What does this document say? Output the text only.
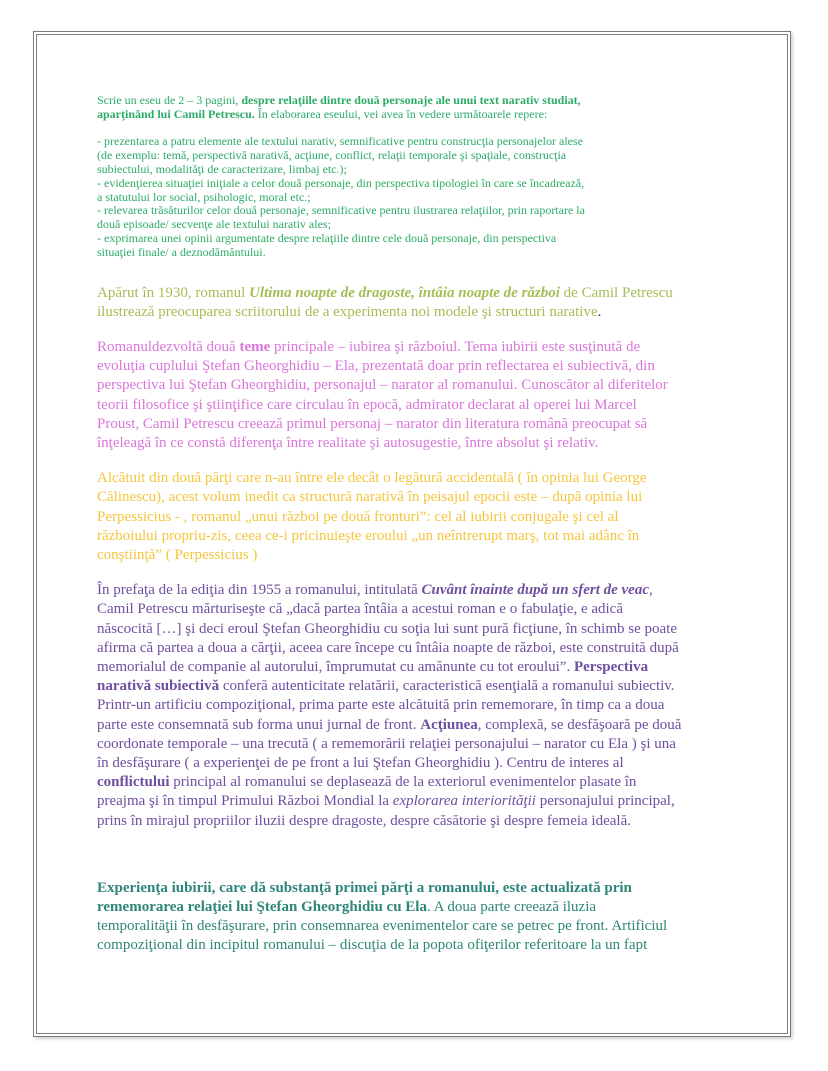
Scrie un eseu de 2 – 3 pagini, despre relaţiile dintre două personaje ale unui text narativ studiat,
aparţinând lui Camil Petrescu. În elaborarea eseului, vei avea în vedere următoarele repere:

- prezentarea a patru elemente ale textului narativ, semnificative pentru construcţia personajelor alese
(de exemplu: temă, perspectivă narativă, acţiune, conflict, relaţii temporale şi spaţiale, construcţia
subiectului, modalităţi de caracterizare, limbaj etc.);
- evidenţierea situaţiei iniţiale a celor două personaje, din perspectiva tipologiei în care se încadrează,
a statutului lor social, psihologic, moral etc.;
- relevarea trăsăturilor celor două personaje, semnificative pentru ilustrarea relaţiilor, prin raportare la
două episoade/ secvenţe ale textului narativ ales;
- exprimarea unei opinii argumentate despre relaţiile dintre cele două personaje, din perspectiva
situaţiei finale/ a deznodământului.
Apărut în 1930, romanul Ultima noapte de dragoste, întâia noapte de război de Camil Petrescu
ilustrează preocuparea scriitorului de a experimenta noi modele şi structuri narative.
Romanuldezvoltă două teme principale – iubirea şi războiul. Tema iubirii este susţinută de
evoluţia cuplului Ştefan Gheorghidiu – Ela, prezentată doar prin reflectarea ei subiectivă, din
perspectiva lui Ştefan Gheorghidiu, personajul – narator al romanului. Cunoscător al diferitelor
teorii filosofice şi ştiinţifice care circulau în epocă, admirator declarat al operei lui Marcel
Proust, Camil Petrescu creează primul personaj – narator din literatura română preocupat să
înţeleagă în ce constă diferenţa între realitate şi autosugestie, între absolut şi relativ.
Alcătuit din două părţi care n-au între ele decât o legătură accidentală ( în opinia lui George
Călinescu), acest volum inedit ca structură narativă în peisajul epocii este – după opinia lui
Perpessicius - , romanul „unui război pe două fronturi”: cel al iubirii conjugale şi cel al
războiului propriu-zis, ceea ce-i pricinuieşte eroului „un neîntrerupt marş, tot mai adânc în
conştiinţă” ( Perpessicius )
În prefaţa de la ediţia din 1955 a romanului, intitulată Cuvânt înainte după un sfert de veac,
Camil Petrescu mărturiseşte că „dacă partea întâia a acestui roman e o fabulaţie, e adică
născocită […] şi deci eroul Ştefan Gheorghidiu cu soţia lui sunt pură ficţiune, în schimb se poate
afirma că partea a doua a cărţii, aceea care începe cu întâia noapte de război, este construită după
memorialul de companie al autorului, împrumutat cu amănunte cu tot eroului”. Perspectiva
narativă subiectivă conferă autenticitate relatării, caracteristică esenţială a romanului subiectiv.
Printr-un artificiu compoziţional, prima parte este alcătuită prin rememorare, în timp ca a doua
parte este consemnată sub forma unui jurnal de front. Acţiunea, complexă, se desfăşoară pe două
coordonate temporale – una trecută ( a rememorării relaţiei personajului – narator cu Ela ) şi una
în desfăşurare ( a experienţei de pe front a lui Ştefan Gheorghidiu ). Centru de interes al
conflictului principal al romanului se deplasează de la exteriorul evenimentelor plasate în
preajma şi în timpul Primului Război Mondial la explorarea interiorităţii personajului principal,
prins în mirajul propriilor iluzii despre dragoste, despre căsătorie şi despre femeia ideală.
Experienţa iubirii, care dă substanţă primei părţi a romanului, este actualizată prin
rememorarea relaţiei lui Ştefan Gheorghidiu cu Ela. A doua parte creează iluzia
temporalităţii în desfăşurare, prin consemnarea evenimentelor care se petrec pe front. Artificiul
compoziţional din incipitul romanului – discuţia de la popota ofiţerilor referitoare la un fapt
